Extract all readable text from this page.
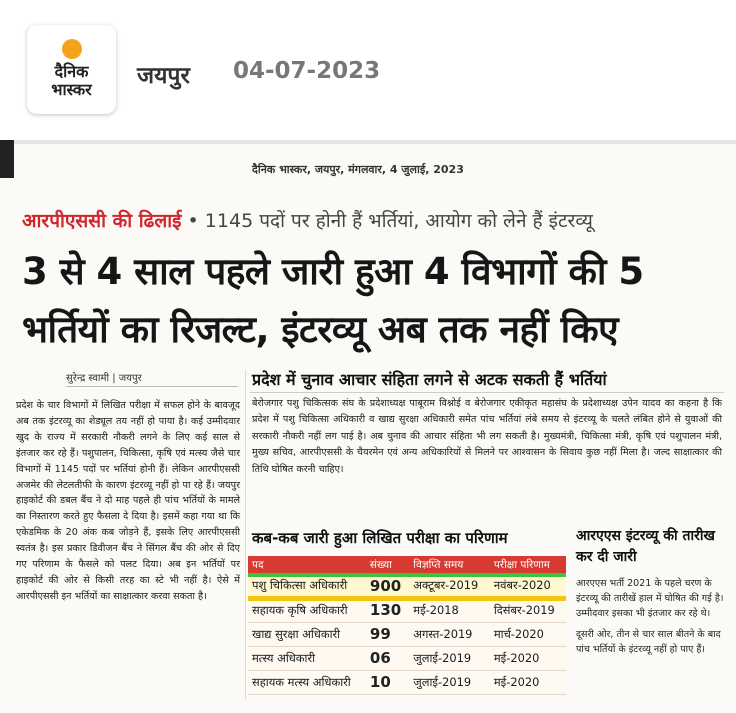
दैनिक
भास्कर
जयपुर 04-07-2023
दैनिक भास्कर, जयपुर, मंगलवार, 4 जुलाई, 2023
आरपीएससी की ढिलाई • 1145 पदों पर होनी हैं भर्तियां, आयोग को लेने हैं इंटरव्यू
3 से 4 साल पहले जारी हुआ 4 विभागों की 5
भर्तियों का रिजल्ट, इंटरव्यू अब तक नहीं किए
सुरेन्द्र स्वामी | जयपुर
प्रदेश के चार विभागों में लिखित परीक्षा में सफल होने के बावजूद अब तक इंटरव्यू का शेड्यूल तय नहीं हो पाया है। कई उम्मीदवार खुद के राज्य में सरकारी नौकरी लगने के लिए कई साल से इंतजार कर रहे हैं। पशुपालन, चिकित्सा, कृषि एवं मत्स्य जैसे चार विभागों में 1145 पदों पर भर्तियां होनी हैं। लेकिन आरपीएससी अजमेर की लेटलतीफी के कारण इंटरव्यू नहीं हो पा रहे हैं। जयपुर हाइकोर्ट की डबल बैंच ने दो माह पहले ही पांच भर्तियों के मामले का निस्तारण करते हुए फैसला दे दिया है। इसमें कहा गया था कि एकेडमिक के 20 अंक कब जोड़ने हैं, इसके लिए आरपीएससी स्वतंत्र है। इस प्रकार डिवीजन बैंच ने सिंगल बैंच की ओर से दिए गए परिणाम के फैसले को पलट दिया। अब इन भर्तियों पर हाइकोर्ट की ओर से किसी तरह का स्टे भी नहीं है। ऐसे में आरपीएससी इन भर्तियों का साक्षात्कार करवा सकता है।
प्रदेश में चुनाव आचार संहिता लगने से अटक सकती हैं भर्तियां
बेरोजगार पशु चिकित्सक संघ के प्रदेशाध्यक्ष पाबूराम विश्नोई व बेरोजगार एकीकृत महासंघ के प्रदेशाध्यक्ष उपेन यादव का कहना है कि प्रदेश में पशु चिकित्सा अधिकारी व खाद्य सुरक्षा अधिकारी समेत पांच भर्तियां लंबे समय से इंटरव्यू के चलते लंबित होने से युवाओं की सरकारी नौकरी नहीं लग पाई है। अब चुनाव की आचार संहिता भी लग सकती है। मुख्यमंत्री, चिकित्सा मंत्री, कृषि एवं पशुपालन मंत्री, मुख्य सचिव, आरपीएससी के चैयरमेन एवं अन्य अधिकारियों से मिलने पर आश्वासन के सिवाय कुछ नहीं मिला है। जल्द साक्षात्कार की तिथि घोषित करनी चाहिए।
कब-कब जारी हुआ लिखित परीक्षा का परिणाम
पद	संख्या	विज्ञप्ति समय	परीक्षा परिणाम
पशु चिकित्सा अधिकारी	900	अक्टूबर-2019	नवंबर-2020
सहायक कृषि अधिकारी	130	मई-2018	दिसंबर-2019
खाद्य सुरक्षा अधिकारी	99	अगस्त-2019	मार्च-2020
मत्स्य अधिकारी	06	जुलाई-2019	मई-2020
सहायक मत्स्य अधिकारी	10	जुलाई-2019	मई-2020
आरएएस इंटरव्यू की तारीख कर दी जारी
आरएएस भर्ती 2021 के पहले चरण के इंटरव्यू की तारीखें हाल में घोषित की गई है। उम्मीदवार इसका भी इंतजार कर रहे थे।
दूसरी ओर, तीन से चार साल बीतने के बाद पांच भर्तियों के इंटरव्यू नहीं हो पाए हैं।
